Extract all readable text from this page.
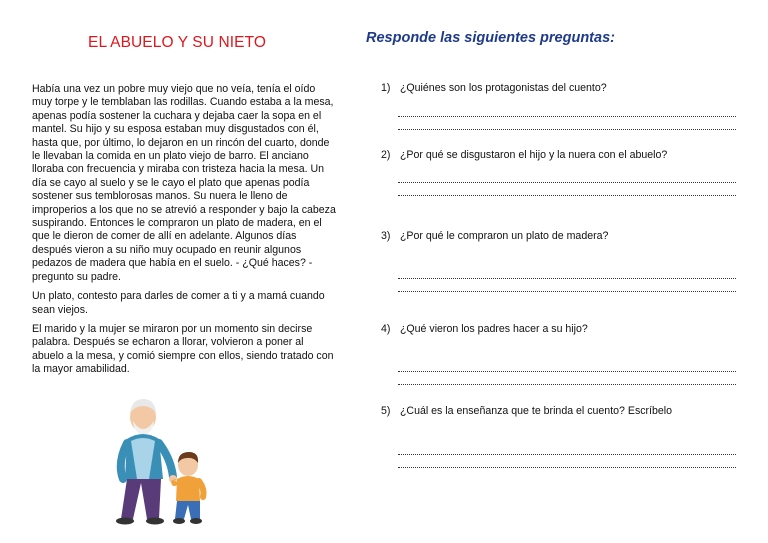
EL ABUELO Y SU NIETO

Había una vez un pobre muy viejo que no veía, tenía el oído muy torpe y le temblaban las rodillas. Cuando estaba a la mesa, apenas podía sostener la cuchara y dejaba caer la sopa en el mantel. Su hijo y su esposa estaban muy disgustados con él, hasta que, por último, lo dejaron en un rincón del cuarto, donde le llevaban la comida en un plato viejo de barro. El anciano lloraba con frecuencia y miraba con tristeza hacia la mesa. Un día se cayo al suelo y se le cayo el plato que apenas podía sostener sus temblorosas manos. Su nuera le lleno de improperios a los que no se atrevió a responder y bajo la cabeza suspirando. Entonces le compraron un plato de madera, en el que le dieron de comer de allí en adelante. Algunos días después vieron a su niño muy ocupado en reunir algunos pedazos de madera que había en el suelo. - ¿Qué haces? - pregunto su padre.

Un plato, contesto para darles de comer a ti y a mamá cuando sean viejos.

El marido y la mujer se miraron por un momento sin decirse palabra. Después se echaron a llorar, volvieron a poner al abuelo a la mesa, y comió siempre con ellos, siendo tratado con la mayor amabilidad.

Responde las siguientes preguntas:
1) ¿Quiénes son los protagonistas del cuento?
2) ¿Por qué se disgustaron el hijo y la nuera con el abuelo?
3) ¿Por qué le compraron un plato de madera?
4) ¿Qué vieron los padres hacer a su hijo?
5) ¿Cuál es la enseñanza que te brinda el cuento? Escríbelo
